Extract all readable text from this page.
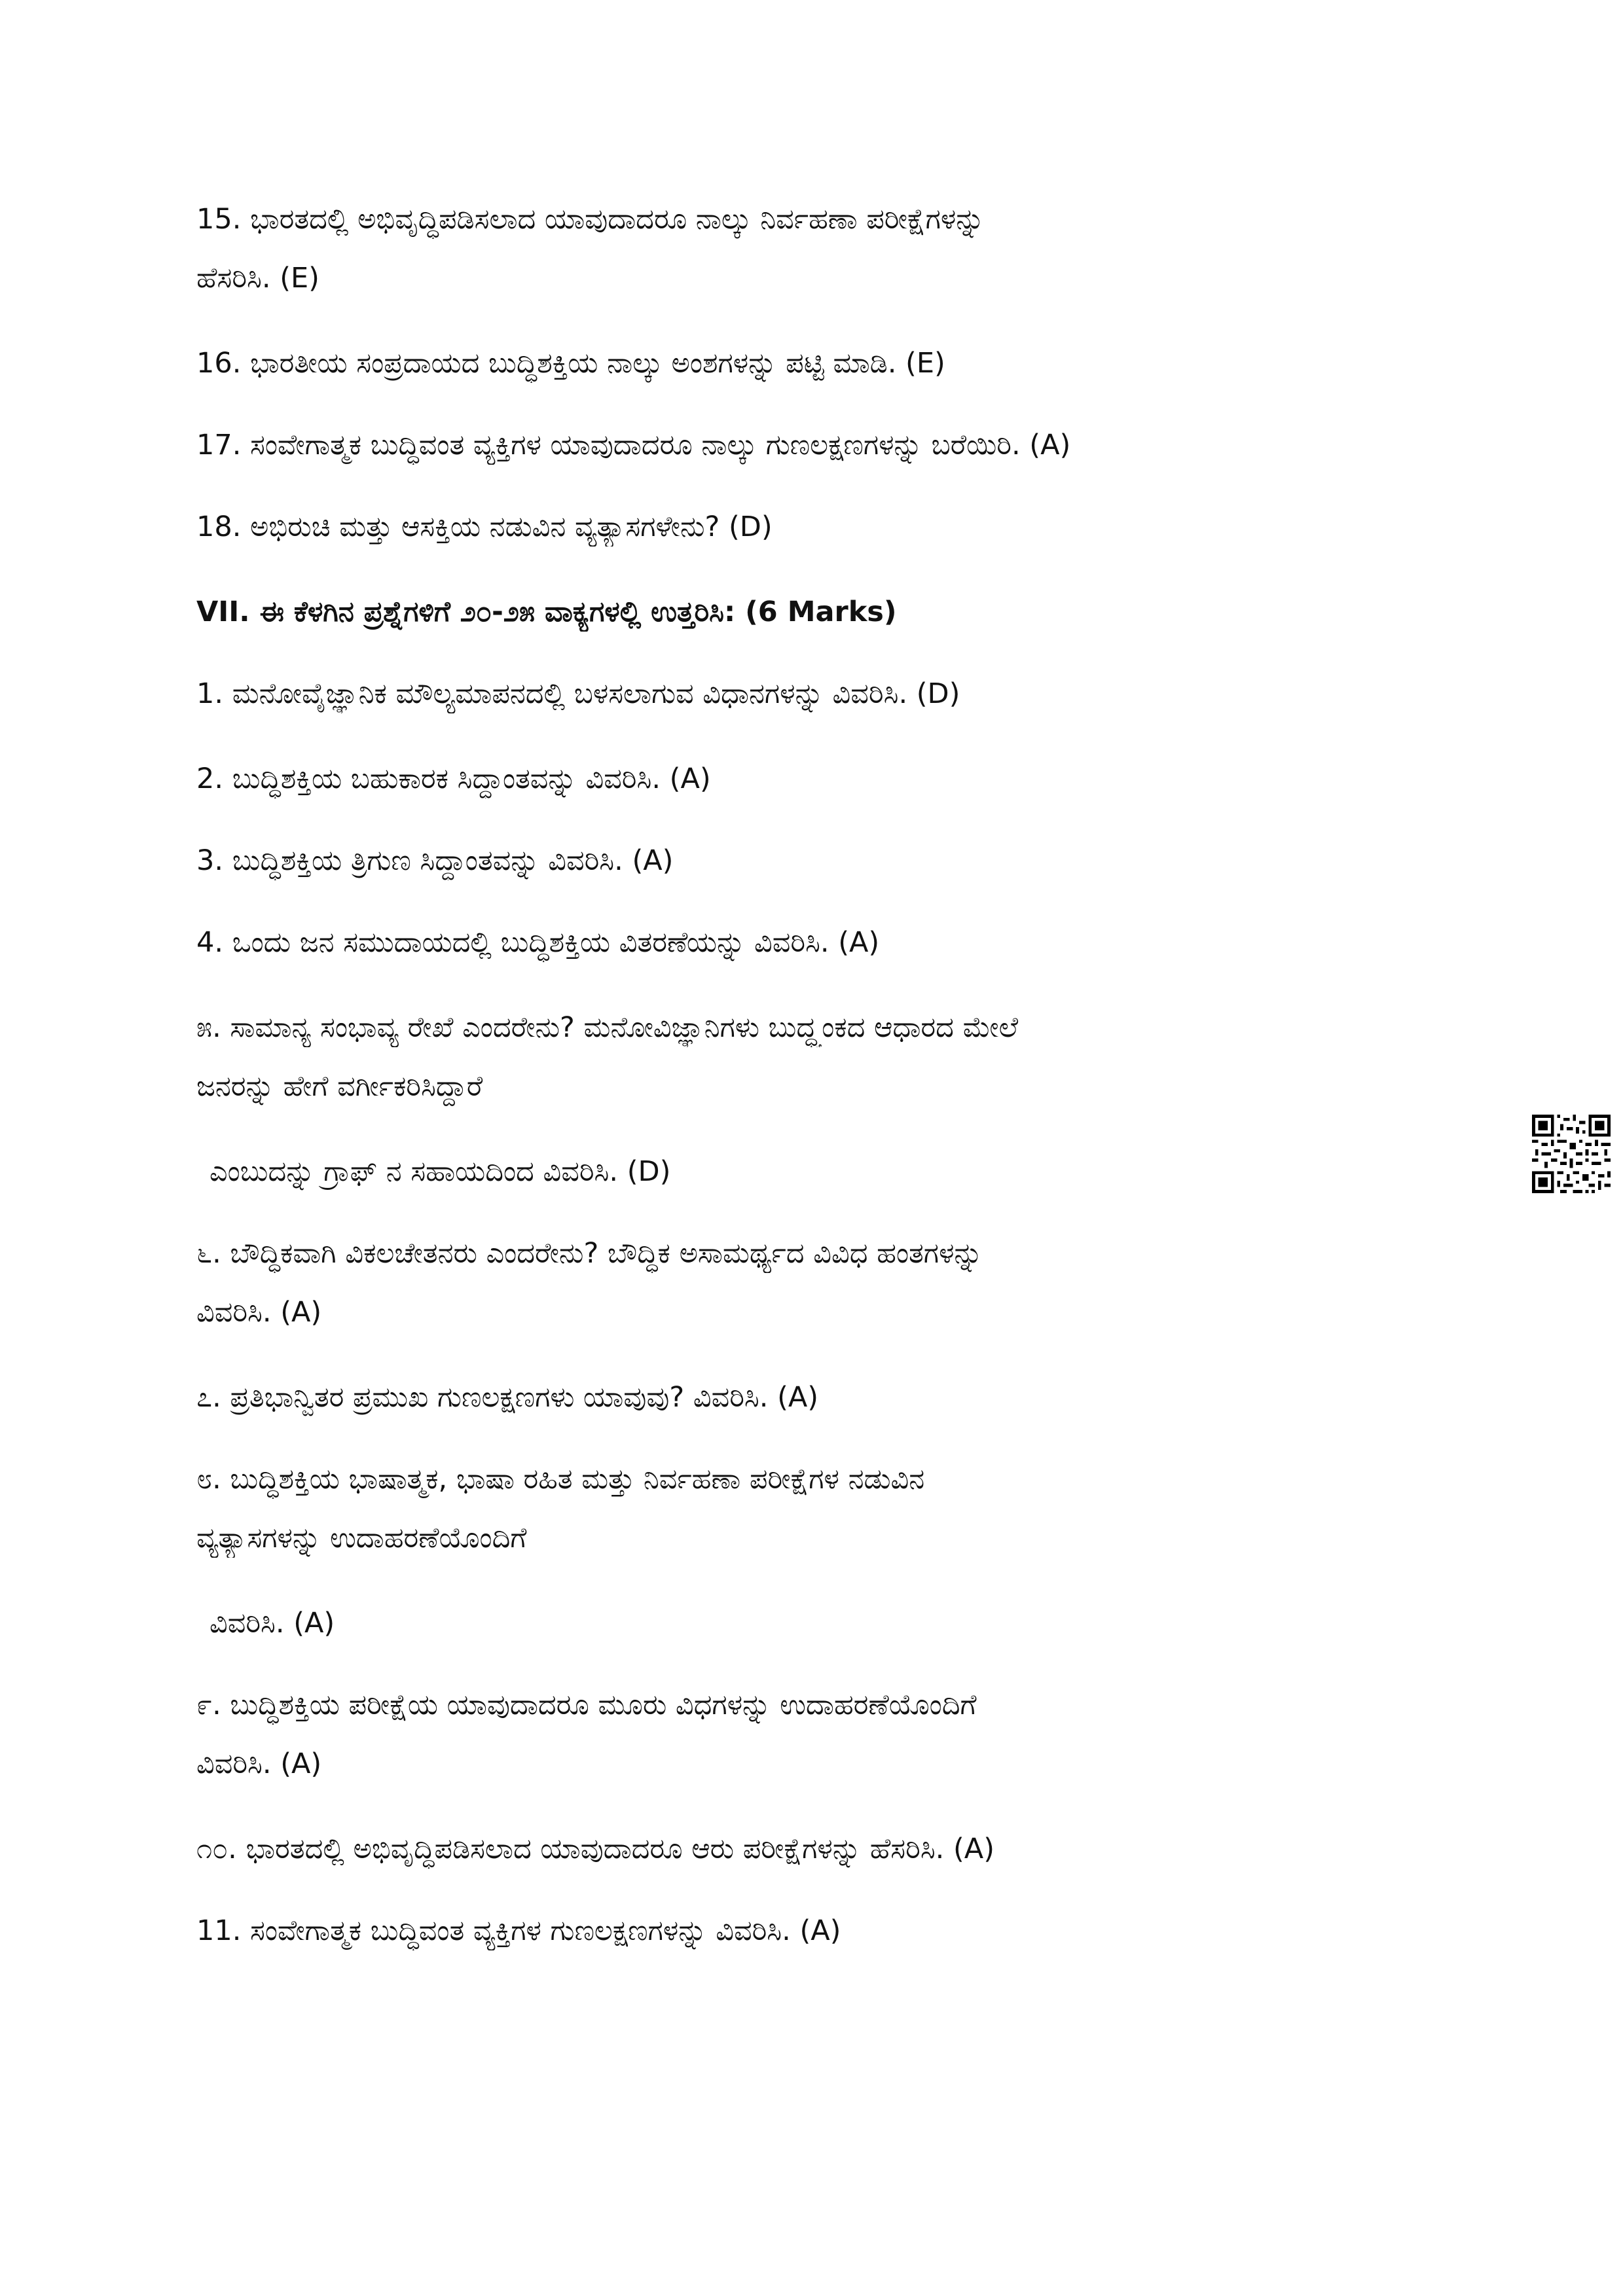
15. ಭಾರತದಲ್ಲಿ ಅಭಿವೃದ್ಧಿಪಡಿಸಲಾದ ಯಾವುದಾದರೂ ನಾಲ್ಕು ನಿರ್ವಹಣಾ ಪರೀಕ್ಷೆಗಳನ್ನು
ಹೆಸರಿಸಿ. (E)
16. ಭಾರತೀಯ ಸಂಪ್ರದಾಯದ ಬುದ್ಧಿಶಕ್ತಿಯ ನಾಲ್ಕು ಅಂಶಗಳನ್ನು ಪಟ್ಟಿ ಮಾಡಿ. (E)
17. ಸಂವೇಗಾತ್ಮಕ ಬುದ್ಧಿವಂತ ವ್ಯಕ್ತಿಗಳ ಯಾವುದಾದರೂ ನಾಲ್ಕು ಗುಣಲಕ್ಷಣಗಳನ್ನು ಬರೆಯಿರಿ. (A)
18. ಅಭಿರುಚಿ ಮತ್ತು ಆಸಕ್ತಿಯ ನಡುವಿನ ವ್ಯತ್ಯಾಸಗಳೇನು? (D)
VII. ಈ ಕೆಳಗಿನ ಪ್ರಶ್ನೆಗಳಿಗೆ ೨೦-೨೫ ವಾಕ್ಯಗಳಲ್ಲಿ ಉತ್ತರಿಸಿ: (6 Marks)
1. ಮನೋವೈಜ್ಞಾನಿಕ ಮೌಲ್ಯಮಾಪನದಲ್ಲಿ ಬಳಸಲಾಗುವ ವಿಧಾನಗಳನ್ನು ವಿವರಿಸಿ. (D)
2. ಬುದ್ಧಿಶಕ್ತಿಯ ಬಹುಕಾರಕ ಸಿದ್ಧಾಂತವನ್ನು ವಿವರಿಸಿ. (A)
3. ಬುದ್ಧಿಶಕ್ತಿಯ ತ್ರಿಗುಣ ಸಿದ್ಧಾಂತವನ್ನು ವಿವರಿಸಿ. (A)
4. ಒಂದು ಜನ ಸಮುದಾಯದಲ್ಲಿ ಬುದ್ಧಿಶಕ್ತಿಯ ವಿತರಣೆಯನ್ನು ವಿವರಿಸಿ. (A)
೫. ಸಾಮಾನ್ಯ ಸಂಭಾವ್ಯ ರೇಖೆ ಎಂದರೇನು? ಮನೋವಿಜ್ಞಾನಿಗಳು ಬುದ್ಧ್ಯಂಕದ ಆಧಾರದ ಮೇಲೆ
ಜನರನ್ನು ಹೇಗೆ ವರ್ಗೀಕರಿಸಿದ್ದಾರೆ
ಎಂಬುದನ್ನು ಗ್ರಾಫ್ ನ ಸಹಾಯದಿಂದ ವಿವರಿಸಿ. (D)
೬. ಬೌದ್ಧಿಕವಾಗಿ ವಿಕಲಚೇತನರು ಎಂದರೇನು? ಬೌದ್ಧಿಕ ಅಸಾಮರ್ಥ್ಯದ ವಿವಿಧ ಹಂತಗಳನ್ನು
ವಿವರಿಸಿ. (A)
೭. ಪ್ರತಿಭಾನ್ವಿತರ ಪ್ರಮುಖ ಗುಣಲಕ್ಷಣಗಳು ಯಾವುವು? ವಿವರಿಸಿ. (A)
೮. ಬುದ್ಧಿಶಕ್ತಿಯ ಭಾಷಾತ್ಮಕ, ಭಾಷಾ ರಹಿತ ಮತ್ತು ನಿರ್ವಹಣಾ ಪರೀಕ್ಷೆಗಳ ನಡುವಿನ
ವ್ಯತ್ಯಾಸಗಳನ್ನು ಉದಾಹರಣೆಯೊಂದಿಗೆ
ವಿವರಿಸಿ. (A)
೯. ಬುದ್ಧಿಶಕ್ತಿಯ ಪರೀಕ್ಷೆಯ ಯಾವುದಾದರೂ ಮೂರು ವಿಧಗಳನ್ನು ಉದಾಹರಣೆಯೊಂದಿಗೆ
ವಿವರಿಸಿ. (A)
೧೦. ಭಾರತದಲ್ಲಿ ಅಭಿವೃದ್ಧಿಪಡಿಸಲಾದ ಯಾವುದಾದರೂ ಆರು ಪರೀಕ್ಷೆಗಳನ್ನು ಹೆಸರಿಸಿ. (A)
11. ಸಂವೇಗಾತ್ಮಕ ಬುದ್ಧಿವಂತ ವ್ಯಕ್ತಿಗಳ ಗುಣಲಕ್ಷಣಗಳನ್ನು ವಿವರಿಸಿ. (A)
